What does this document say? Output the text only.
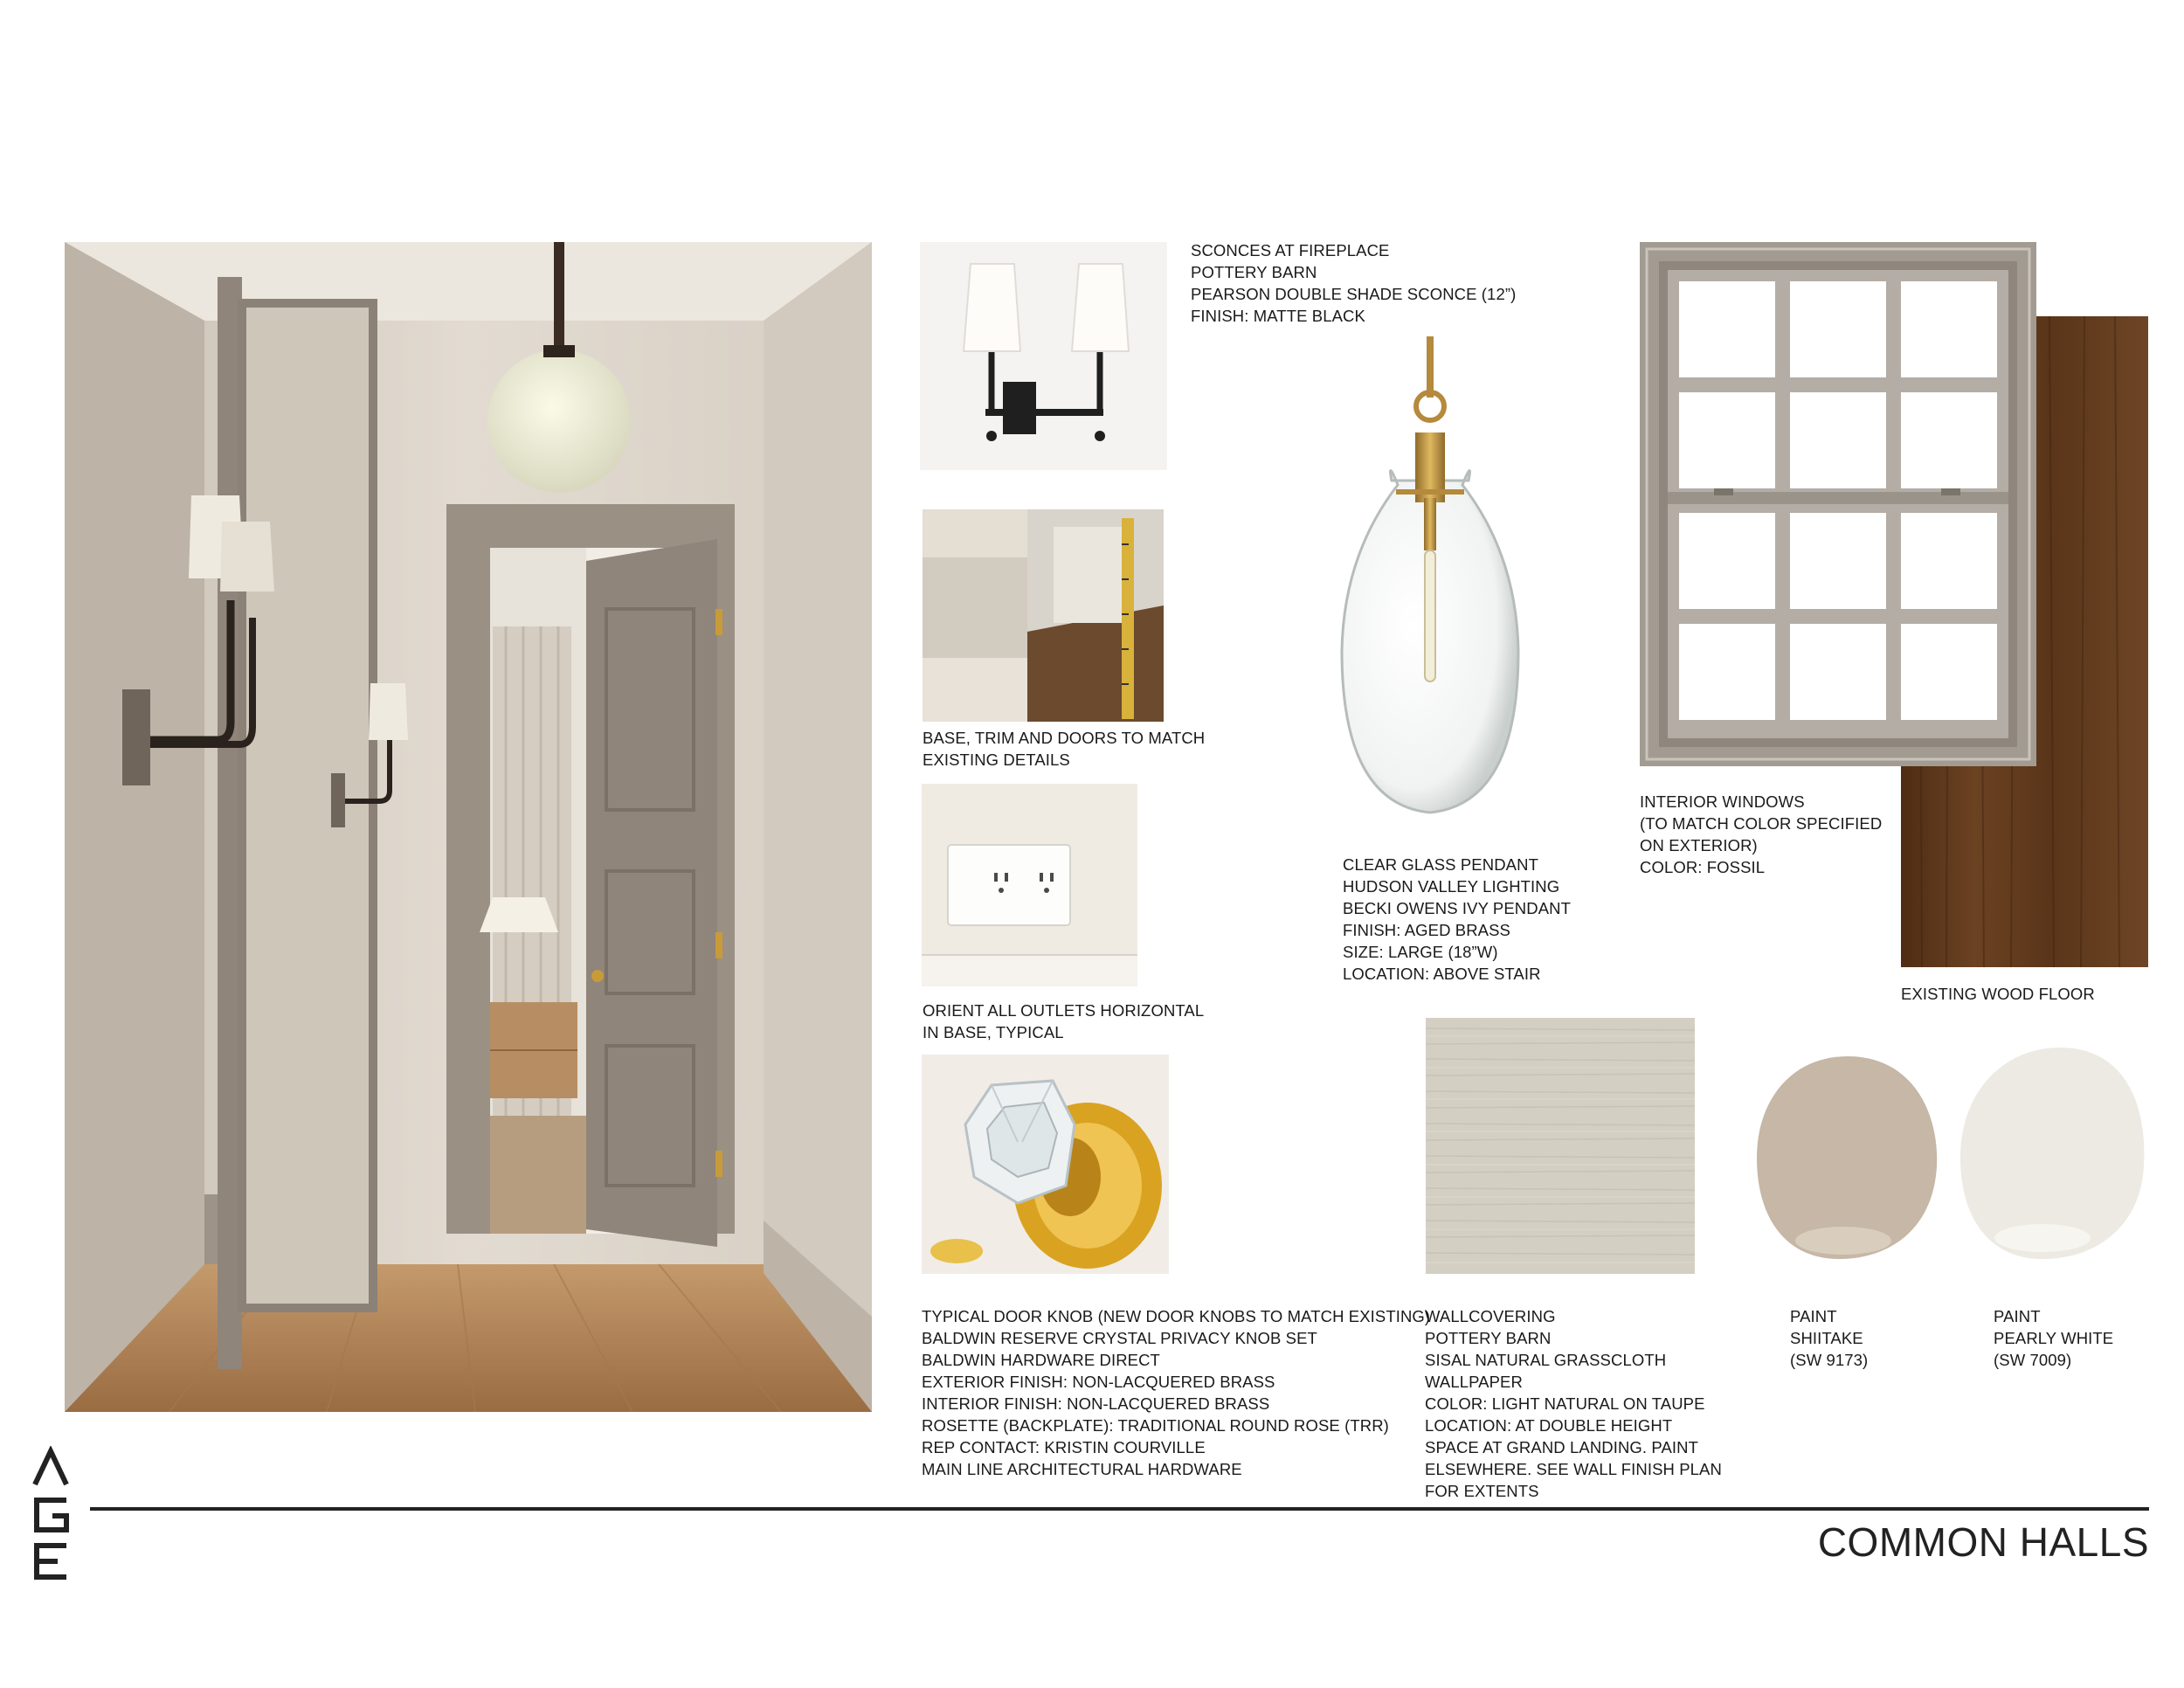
SCONCES AT FIREPLACE
POTTERY BARN
PEARSON DOUBLE SHADE SCONCE (12”)
FINISH: MATTE BLACK
BASE, TRIM AND DOORS TO MATCH
EXISTING DETAILS
ORIENT ALL OUTLETS HORIZONTAL
IN BASE, TYPICAL
TYPICAL DOOR KNOB (NEW DOOR KNOBS TO MATCH EXISTING)
BALDWIN RESERVE CRYSTAL PRIVACY KNOB SET
BALDWIN HARDWARE DIRECT
EXTERIOR FINISH: NON-LACQUERED BRASS
INTERIOR FINISH: NON-LACQUERED BRASS
ROSETTE (BACKPLATE): TRADITIONAL ROUND ROSE (TRR)
REP CONTACT: KRISTIN COURVILLE
MAIN LINE ARCHITECTURAL HARDWARE
CLEAR GLASS PENDANT
HUDSON VALLEY LIGHTING
BECKI OWENS IVY PENDANT
FINISH: AGED BRASS
SIZE: LARGE (18”W)
LOCATION: ABOVE STAIR
EXISTING WOOD FLOOR
INTERIOR WINDOWS
(TO MATCH COLOR SPECIFIED
ON EXTERIOR)
COLOR: FOSSIL
WALLCOVERING
POTTERY BARN
SISAL NATURAL GRASSCLOTH
WALLPAPER
COLOR: LIGHT NATURAL ON TAUPE
LOCATION: AT DOUBLE HEIGHT
SPACE AT GRAND LANDING. PAINT
ELSEWHERE. SEE WALL FINISH PLAN
FOR EXTENTS
PAINT
SHIITAKE
(SW 9173)
PAINT
PEARLY WHITE
(SW 7009)
COMMON HALLS
